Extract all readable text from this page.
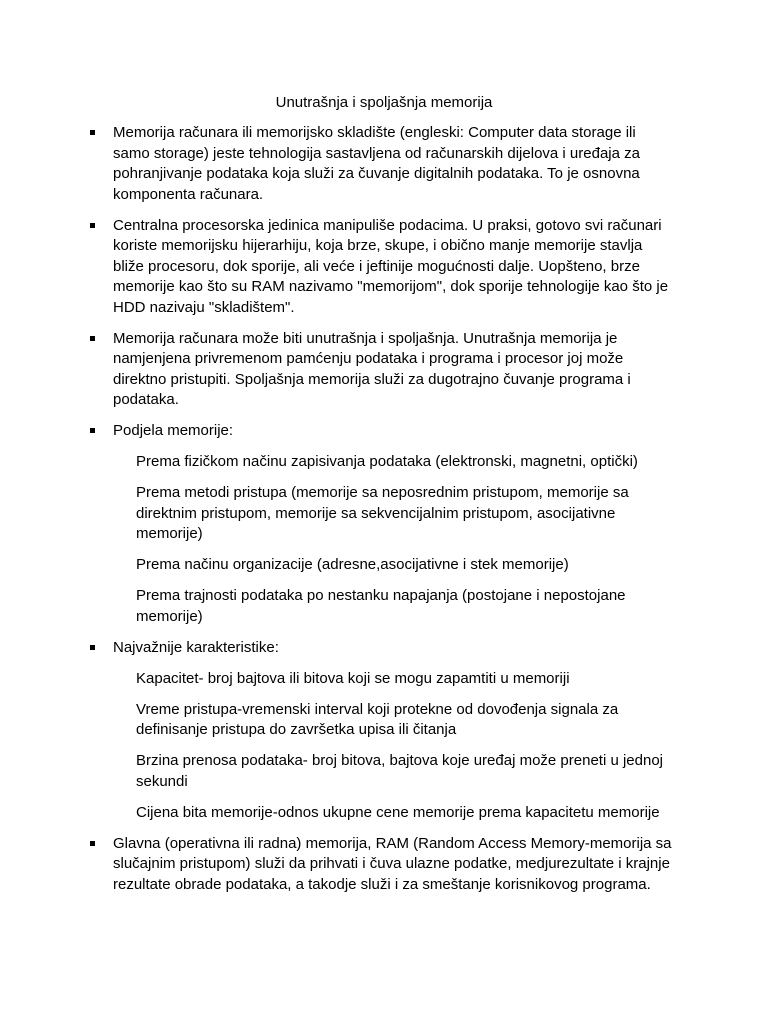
Unutrašnja i spoljašnja memorija
Memorija računara ili memorijsko skladište (engleski: Computer data storage ili samo storage) jeste tehnologija sastavljena od računarskih dijelova i uređaja za pohranjivanje podataka koja služi za čuvanje digitalnih podataka. To je osnovna komponenta računara.
Centralna procesorska jedinica manipuliše podacima. U praksi, gotovo svi računari koriste memorijsku hijerarhiju, koja brze, skupe, i obično manje memorije stavlja bliže procesoru, dok sporije, ali veće i jeftinije mogućnosti dalje. Uopšteno, brze memorije kao što su RAM nazivamo "memorijom", dok sporije tehnologije kao što je HDD nazivaju "skladištem".
Memorija računara može biti unutrašnja i spoljašnja. Unutrašnja memorija je namjenjena privremenom pamćenju podataka i programa i procesor joj može direktno pristupiti. Spoljašnja memorija služi za dugotrajno čuvanje programa i podataka.
Podjela memorije:
Prema fizičkom načinu zapisivanja podataka (elektronski, magnetni, optički)
Prema metodi pristupa (memorije sa neposrednim pristupom, memorije sa direktnim pristupom, memorije sa sekvencijalnim pristupom, asocijativne memorije)
Prema načinu organizacije (adresne,asocijativne i stek memorije)
Prema trajnosti podataka po nestanku napajanja (postojane i nepostojane memorije)
Najvažnije karakteristike:
Kapacitet- broj bajtova ili bitova koji se mogu zapamtiti u memoriji
Vreme pristupa-vremenski interval koji protekne od dovođenja signala za definisanje pristupa do završetka upisa ili čitanja
Brzina prenosa podataka- broj bitova, bajtova koje uređaj može preneti u jednoj sekundi
Cijena bita memorije-odnos ukupne cene memorije prema kapacitetu memorije
Glavna (operativna ili radna) memorija, RAM (Random Access Memory-memorija sa slučajnim pristupom) služi da prihvati i čuva ulazne podatke, medjurezultate i krajnje rezultate obrade podataka, a takodje služi i za smeštanje korisnikovog programa.
